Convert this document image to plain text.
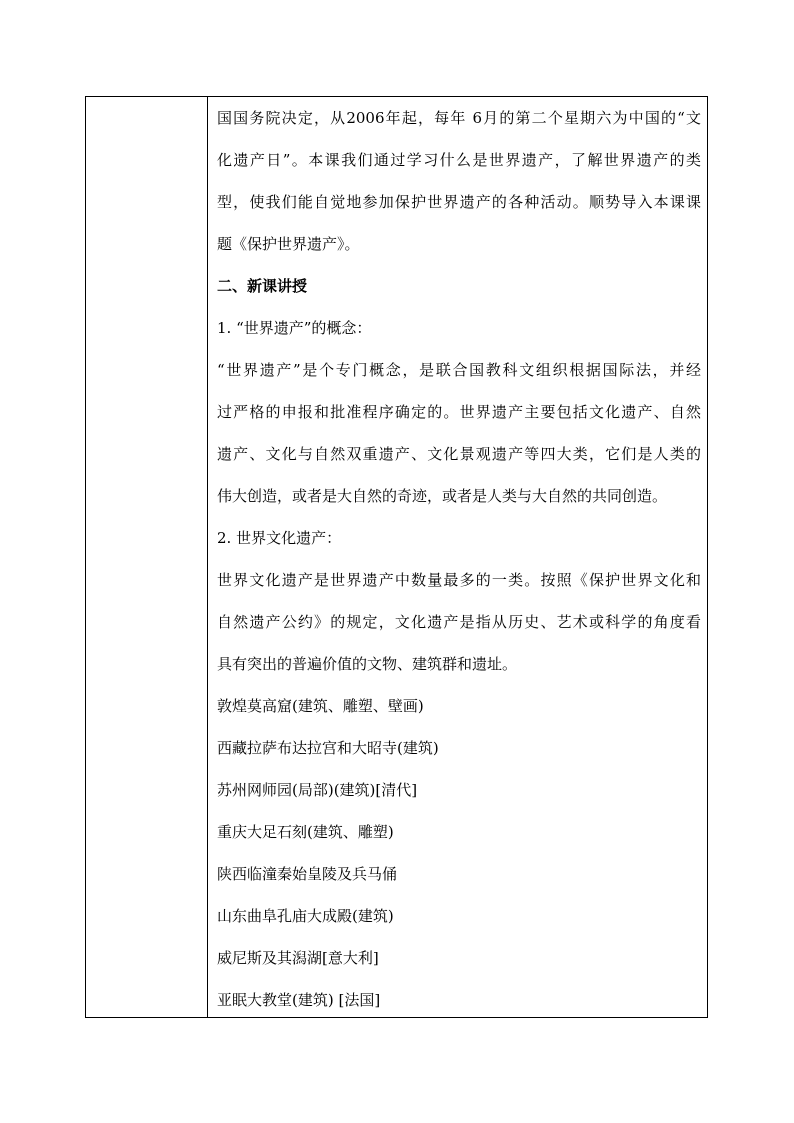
国国务院决定，从2006年起，每年 6月的第二个星期六为中国的“文
化遗产日”。本课我们通过学习什么是世界遗产，了解世界遗产的类
型，使我们能自觉地参加保护世界遗产的各种活动。顺势导入本课课
题《保护世界遗产》。
二、新课讲授
1. “世界遗产”的概念：
“世界遗产”是个专门概念，是联合国教科文组织根据国际法，并经
过严格的申报和批准程序确定的。世界遗产主要包括文化遗产、自然
遗产、文化与自然双重遗产、文化景观遗产等四大类，它们是人类的
伟大创造，或者是大自然的奇迹，或者是人类与大自然的共同创造。
2. 世界文化遗产：
世界文化遗产是世界遗产中数量最多的一类。按照《保护世界文化和
自然遗产公约》的规定，文化遗产是指从历史、艺术或科学的角度看
具有突出的普遍价值的文物、建筑群和遗址。
敦煌莫高窟(建筑、雕塑、壁画)
西藏拉萨布达拉宫和大昭寺(建筑)
苏州网师园(局部)(建筑)[清代]
重庆大足石刻(建筑、雕塑)
陕西临潼秦始皇陵及兵马俑
山东曲阜孔庙大成殿(建筑)
威尼斯及其潟湖[意大利]
亚眠大教堂(建筑) [法国]
